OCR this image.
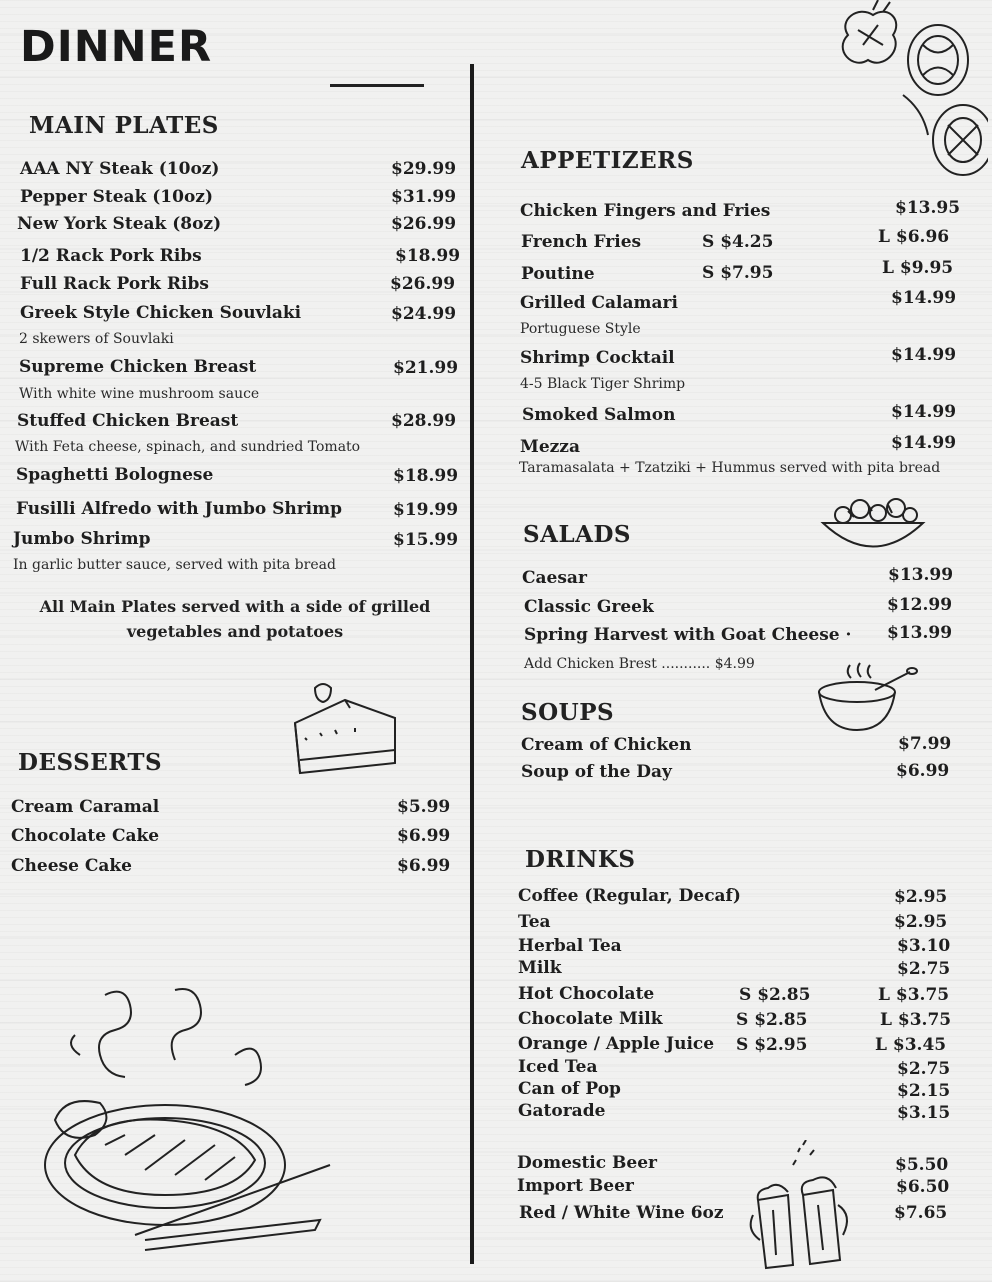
DINNER
MAIN PLATES
AAA NY Steak (10oz)	$29.99
Pepper Steak (10oz)	$31.99
New York Steak (8oz)	$26.99
1/2 Rack Pork Ribs	$18.99
Full Rack Pork Ribs	$26.99
Greek Style Chicken Souvlaki	$24.99
2 skewers of Souvlaki
Supreme Chicken Breast	$21.99
With white wine mushroom sauce
Stuffed Chicken Breast	$28.99
With Feta cheese, spinach, and sundried Tomato
Spaghetti Bolognese	$18.99
Fusilli Alfredo with Jumbo Shrimp	$19.99
Jumbo Shrimp	$15.99
In garlic butter sauce, served with pita bread
All Main Plates served with a side of grilled
vegetables and potatoes
DESSERTS
Cream Caramal	$5.99
Chocolate Cake	$6.99
Cheese Cake	$6.99
APPETIZERS
Chicken Fingers and Fries	$13.95
French Fries	S $4.25	L $6.96
Poutine	S $7.95	L $9.95
Grilled Calamari	$14.99
Portuguese Style
Shrimp Cocktail	$14.99
4-5 Black Tiger Shrimp
Smoked Salmon	$14.99
Mezza	$14.99
Taramasalata + Tzatziki + Hummus served with pita bread
SALADS
Caesar	$13.99
Classic Greek	$12.99
Spring Harvest with Goat Cheese · $13.99
Add Chicken Brest ........... $4.99
SOUPS
Cream of Chicken	$7.99
Soup of the Day	$6.99
DRINKS
Coffee (Regular, Decaf)	$2.95
Tea	$2.95
Herbal Tea	$3.10
Milk	$2.75
Hot Chocolate	S $2.85	L $3.75
Chocolate Milk	S $2.85	L $3.75
Orange / Apple Juice S $2.95	L $3.45
Iced Tea	$2.75
Can of Pop	$2.15
Gatorade	$3.15
Domestic Beer	$5.50
Import Beer	$6.50
Red / White Wine 6oz	$7.65
